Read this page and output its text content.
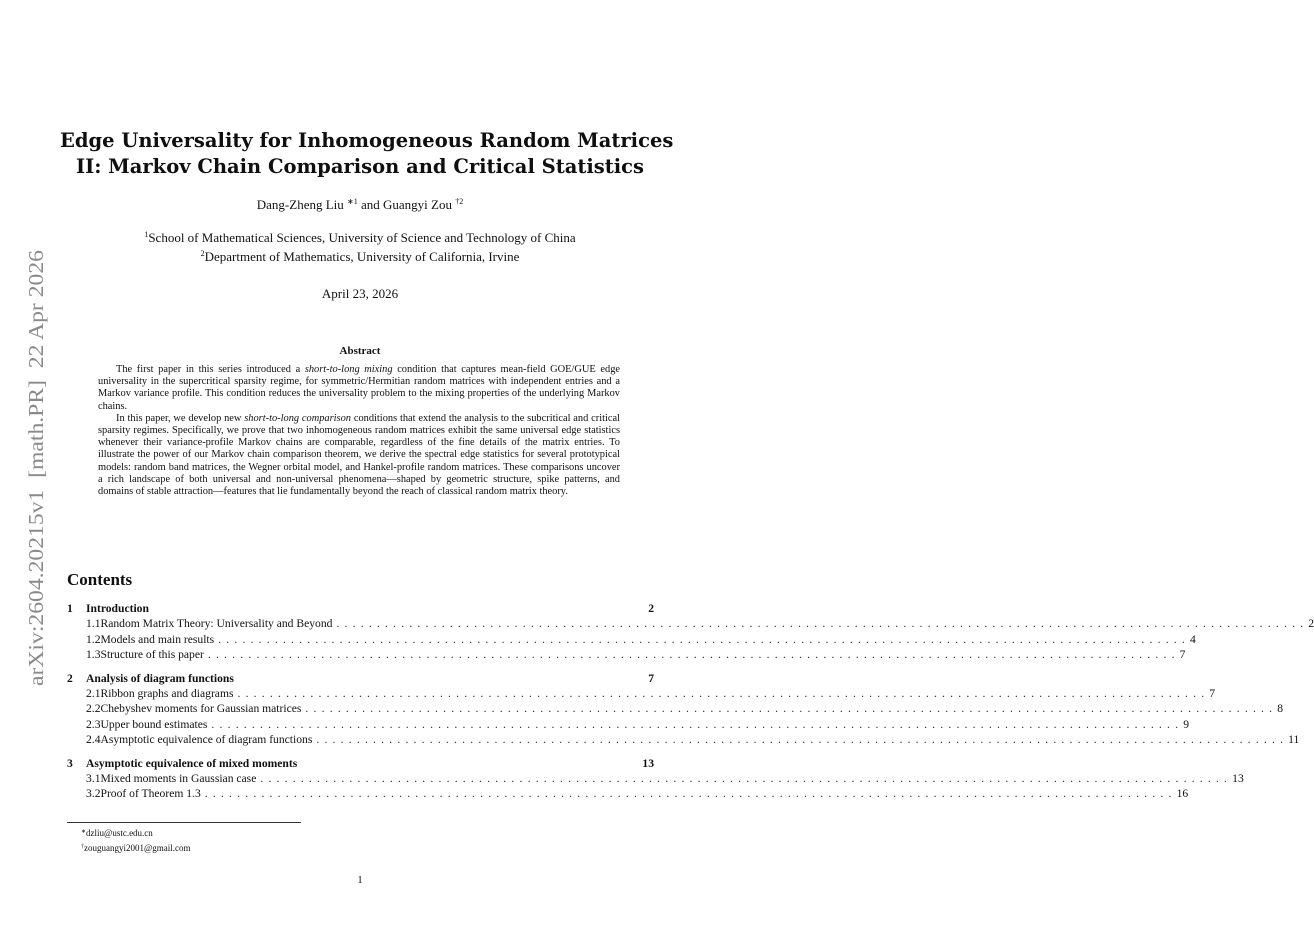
arXiv:2604.20215v1  [math.PR]  22 Apr 2026
Edge Universality for Inhomogeneous Random Matrices
II: Markov Chain Comparison and Critical Statistics
Dang-Zheng Liu $^{∗1}$ and Guangyi Zou $^{\dagger 2}$
$^1$School of Mathematical Sciences, University of Science and Technology of China
$^2$Department of Mathematics, University of California, Irvine
April 23, 2026
Abstract

The first paper in this series introduced a short-to-long mixing condition that captures mean-field GOE/GUE edge universality in the supercritical sparsity regime, for symmetric/Hermitian random matrices with independent entries and a Markov variance profile. This condition reduces the universality problem to the mixing properties of the underlying Markov chains.

In this paper, we develop new short-to-long comparison conditions that extend the analysis to the subcritical and critical sparsity regimes. Specifically, we prove that two inhomogeneous random matrices exhibit the same universal edge statistics whenever their variance-profile Markov chains are comparable, regardless of the fine details of the matrix entries. To illustrate the power of our Markov chain comparison theorem, we derive the spectral edge statistics for several prototypical models: random band matrices, the Wegner orbital model, and Hankel-profile random matrices. These comparisons uncover a rich landscape of both universal and non-universal phenomena—shaped by geometric structure, spike patterns, and domains of stable attraction—features that lie fundamentally beyond the reach of classical random matrix theory.

Contents
1	Introduction	2
1.1 Random Matrix Theory: Universality and Beyond ........................................................................................................................ 2
1.2 Models and main results ........................................................................................................................ 4
1.3 Structure of this paper ........................................................................................................................ 7
2	Analysis of diagram functions	7
2.1 Ribbon graphs and diagrams ........................................................................................................................ 7
2.2 Chebyshev moments for Gaussian matrices ........................................................................................................................ 8
2.3 Upper bound estimates ........................................................................................................................ 9
2.4 Asymptotic equivalence of diagram functions ........................................................................................................................ 11
3	Asymptotic equivalence of mixed moments	13
3.1 Mixed moments in Gaussian case ........................................................................................................................ 13
3.2 Proof of Theorem 1.3 ........................................................................................................................ 16
∗dzliu@ustc.edu.cn
†zouguangyi2001@gmail.com
1
